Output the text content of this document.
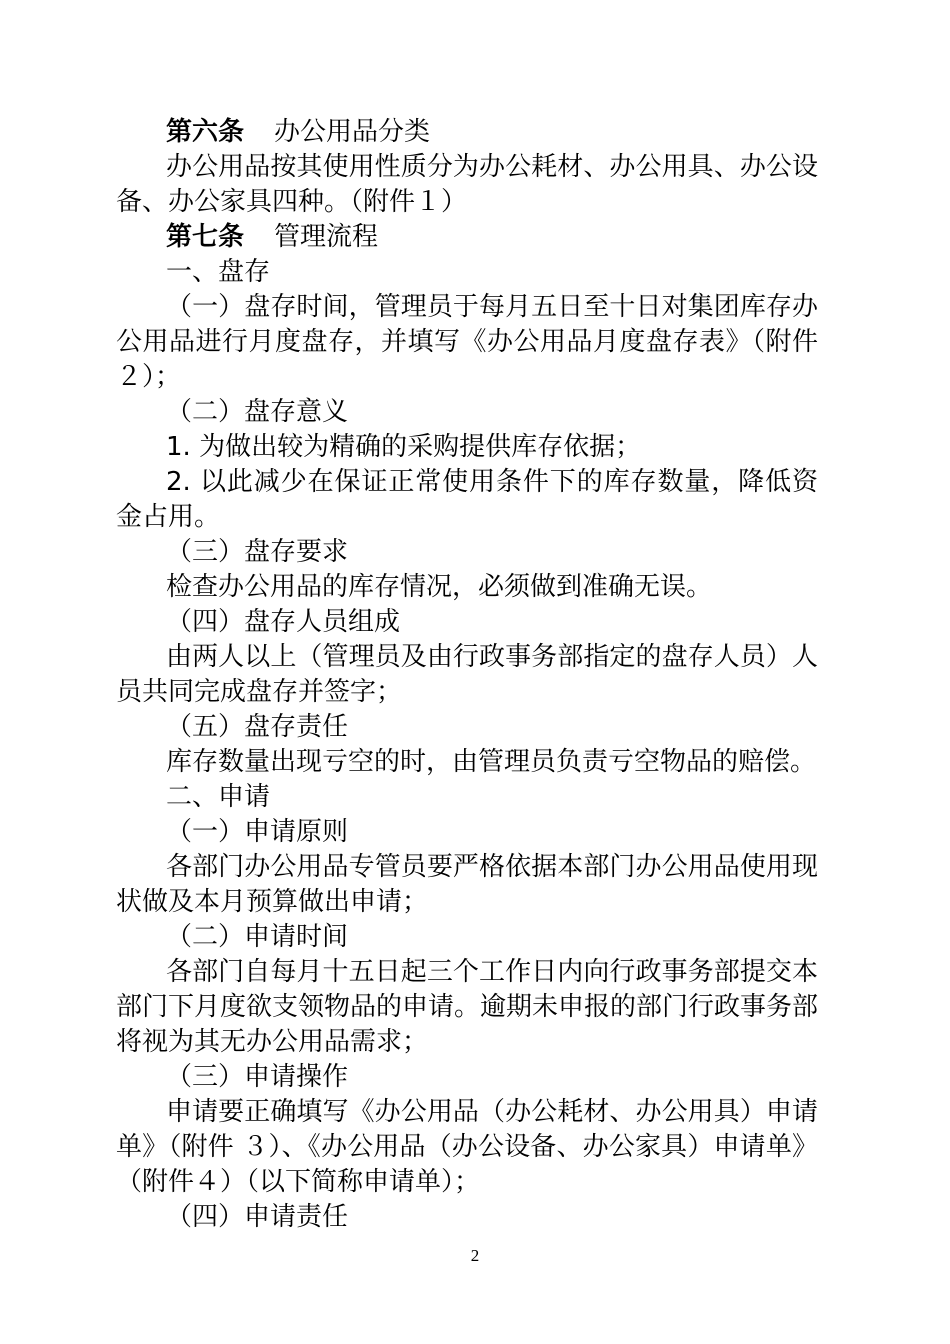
第六条 办公用品分类

办公用品按其使用性质分为办公耗材、办公用具、办公设备、办公家具四种。（附件１）

第七条 管理流程

一、盘存

（一）盘存时间，管理员于每月五日至十日对集团库存办公用品进行月度盘存，并填写《办公用品月度盘存表》（附件２）；

（二）盘存意义

1. 为做出较为精确的采购提供库存依据；

2. 以此减少在保证正常使用条件下的库存数量，降低资金占用。

（三）盘存要求

检查办公用品的库存情况，必须做到准确无误。

（四）盘存人员组成

由两人以上（管理员及由行政事务部指定的盘存人员）人员共同完成盘存并签字；

（五）盘存责任

库存数量出现亏空的时，由管理员负责亏空物品的赔偿。

二、申请

（一）申请原则

各部门办公用品专管员要严格依据本部门办公用品使用现状做及本月预算做出申请；

（二）申请时间

各部门自每月十五日起三个工作日内向行政事务部提交本部门下月度欲支领物品的申请。逾期未申报的部门行政事务部将视为其无办公用品需求；

（三）申请操作

申请要正确填写《办公用品（办公耗材、办公用具）申请单》（附件 ３）、《办公用品（办公设备、办公家具）申请单》（附件４）（以下简称申请单）；

（四）申请责任

2
